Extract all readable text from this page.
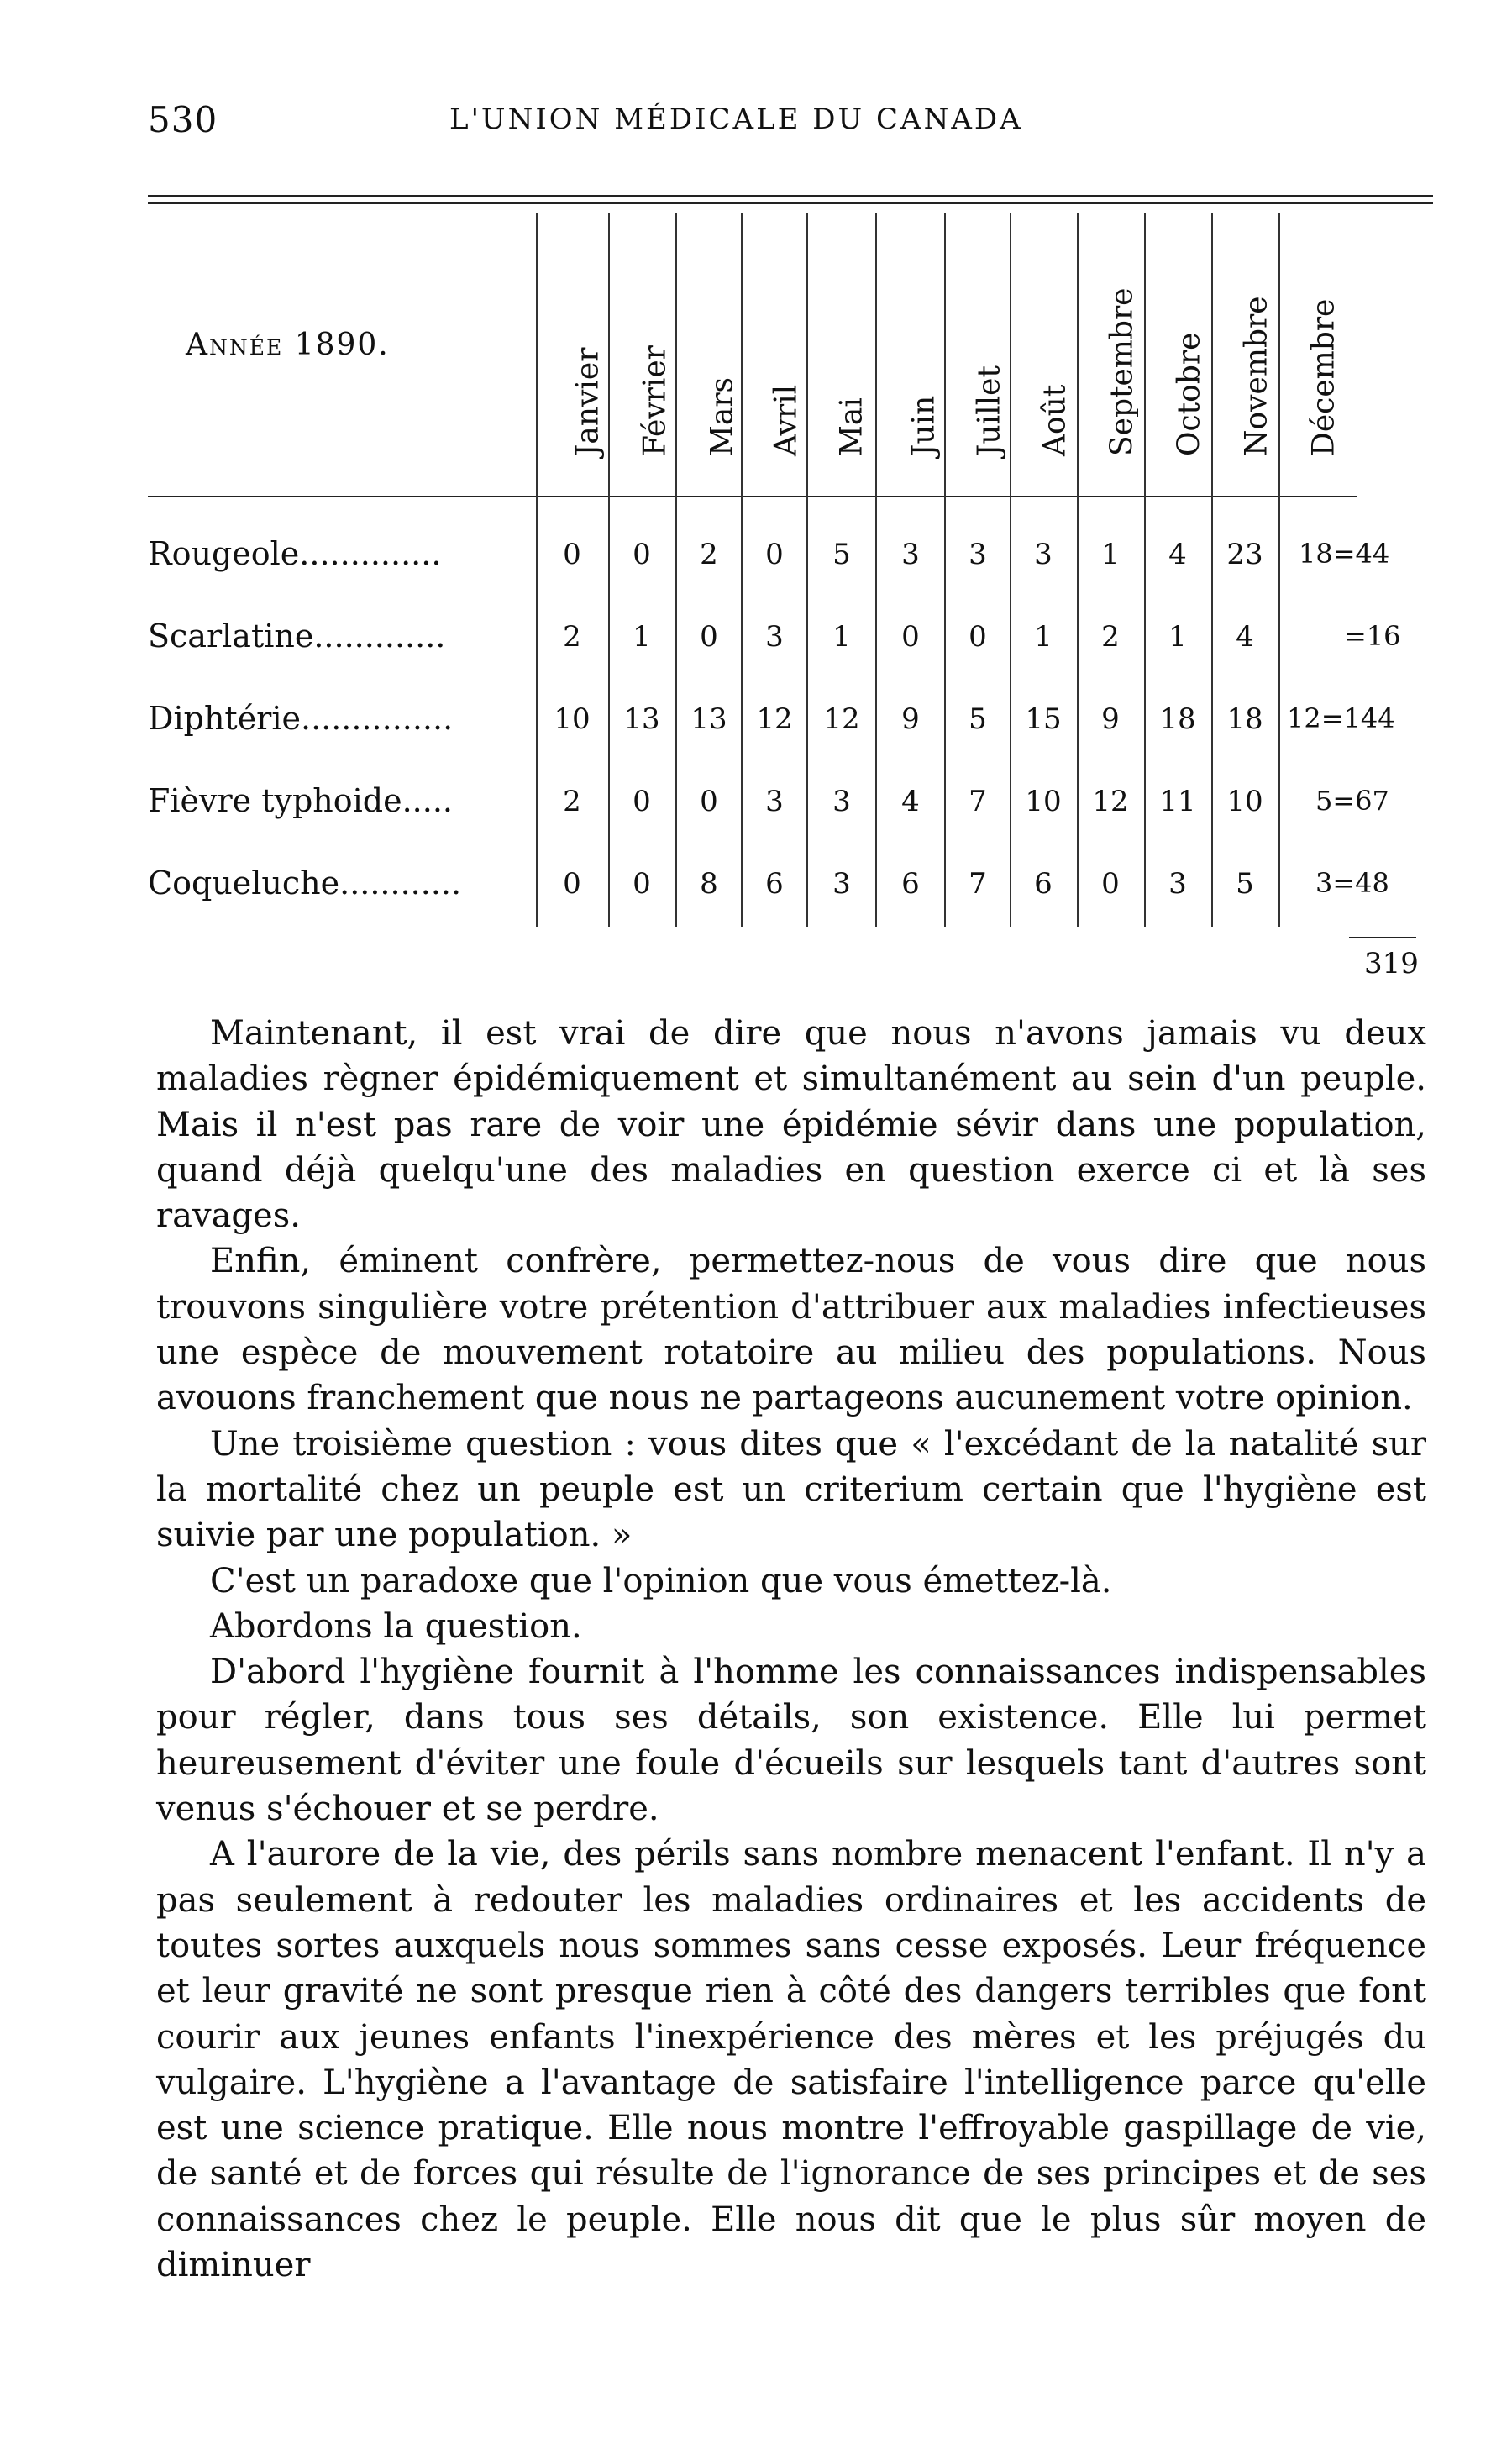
530	L'UNION MÉDICALE DU CANADA
Année 1890.
Janvier Février Mars Avril Mai Juin Juillet Août Septembre Octobre Novembre Décembre
Rougeole..............	0	0	2	0	5	3	3	3	1	4	23 18=44
Scarlatine.............	2	1	0	3	1	0	0	1	2	1	4	=16
Diphtérie...............	10 13 13 12 12	9	5	15	9	18 18 12=144
Fièvre typhoide.....	2	0	0	3	3	4	7	10 12 11 10 5=67
Coqueluche............	0	0	8	6	3	6	7	6	0	3	5	3=48
319

Maintenant, il est vrai de dire que nous n'avons jamais vu deux maladies règner épidémiquement et simultanément au sein d'un peuple. Mais il n'est pas rare de voir une épidémie sévir dans une population, quand déjà quelqu'une des maladies en question exerce ci et là ses ravages.

Enfin, éminent confrère, permettez-nous de vous dire que nous trouvons singulière votre prétention d'attribuer aux maladies infectieuses une espèce de mouvement rotatoire au milieu des populations. Nous avouons franchement que nous ne partageons aucunement votre opinion.

Une troisième question : vous dites que « l'excédant de la natalité sur la mortalité chez un peuple est un criterium certain que l'hygiène est suivie par une population. »

C'est un paradoxe que l'opinion que vous émettez-là.

Abordons la question.

D'abord l'hygiène fournit à l'homme les connaissances indispensables pour régler, dans tous ses détails, son existence. Elle lui permet heureusement d'éviter une foule d'écueils sur lesquels tant d'autres sont venus s'échouer et se perdre.

A l'aurore de la vie, des périls sans nombre menacent l'enfant. Il n'y a pas seulement à redouter les maladies ordinaires et les accidents de toutes sortes auxquels nous sommes sans cesse exposés. Leur fréquence et leur gravité ne sont presque rien à côté des dangers terribles que font courir aux jeunes enfants l'inexpérience des mères et les préjugés du vulgaire. L'hygiène a l'avantage de satisfaire l'intelligence parce qu'elle est une science pratique. Elle nous montre l'effroyable gaspillage de vie, de santé et de forces qui résulte de l'ignorance de ses principes et de ses connaissances chez le peuple. Elle nous dit que le plus sûr moyen de diminuer
